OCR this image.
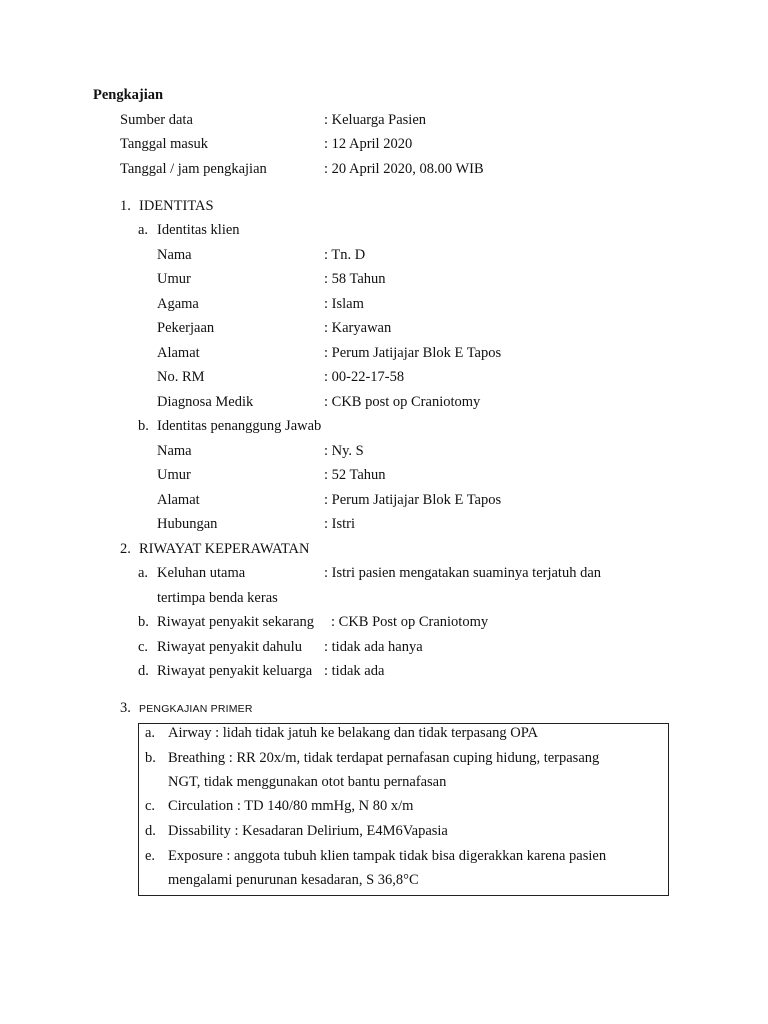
Pengkajian
Sumber data	: Keluarga Pasien
Tanggal masuk	: 12 April 2020
Tanggal / jam pengkajian	: 20 April 2020, 08.00 WIB
1. IDENTITAS
a. Identitas klien
Nama	: Tn. D
Umur	: 58 Tahun
Agama	: Islam
Pekerjaan	: Karyawan
Alamat	: Perum Jatijajar Blok E Tapos
No. RM	: 00-22-17-58
Diagnosa Medik	: CKB post op Craniotomy
b. Identitas penanggung Jawab
Nama	: Ny. S
Umur	: 52 Tahun
Alamat	: Perum Jatijajar Blok E Tapos
Hubungan	: Istri
2. RIWAYAT KEPERAWATAN
a. Keluhan utama	: Istri pasien mengatakan suaminya terjatuh dan
tertimpa benda keras
b. Riwayat penyakit sekarang : CKB Post op Craniotomy
c. Riwayat penyakit dahulu : tidak ada hanya
d. Riwayat penyakit keluarga : tidak ada
3. PENGKAJIAN PRIMER
a. Airway : lidah tidak jatuh ke belakang dan tidak terpasang OPA
b. Breathing : RR 20x/m, tidak terdapat pernafasan cuping hidung, terpasang
NGT, tidak menggunakan otot bantu pernafasan
c. Circulation : TD 140/80 mmHg, N 80 x/m
d. Dissability : Kesadaran Delirium, E4M6Vapasia
e. Exposure : anggota tubuh klien tampak tidak bisa digerakkan karena pasien
mengalami penurunan kesadaran, S 36,8°C
